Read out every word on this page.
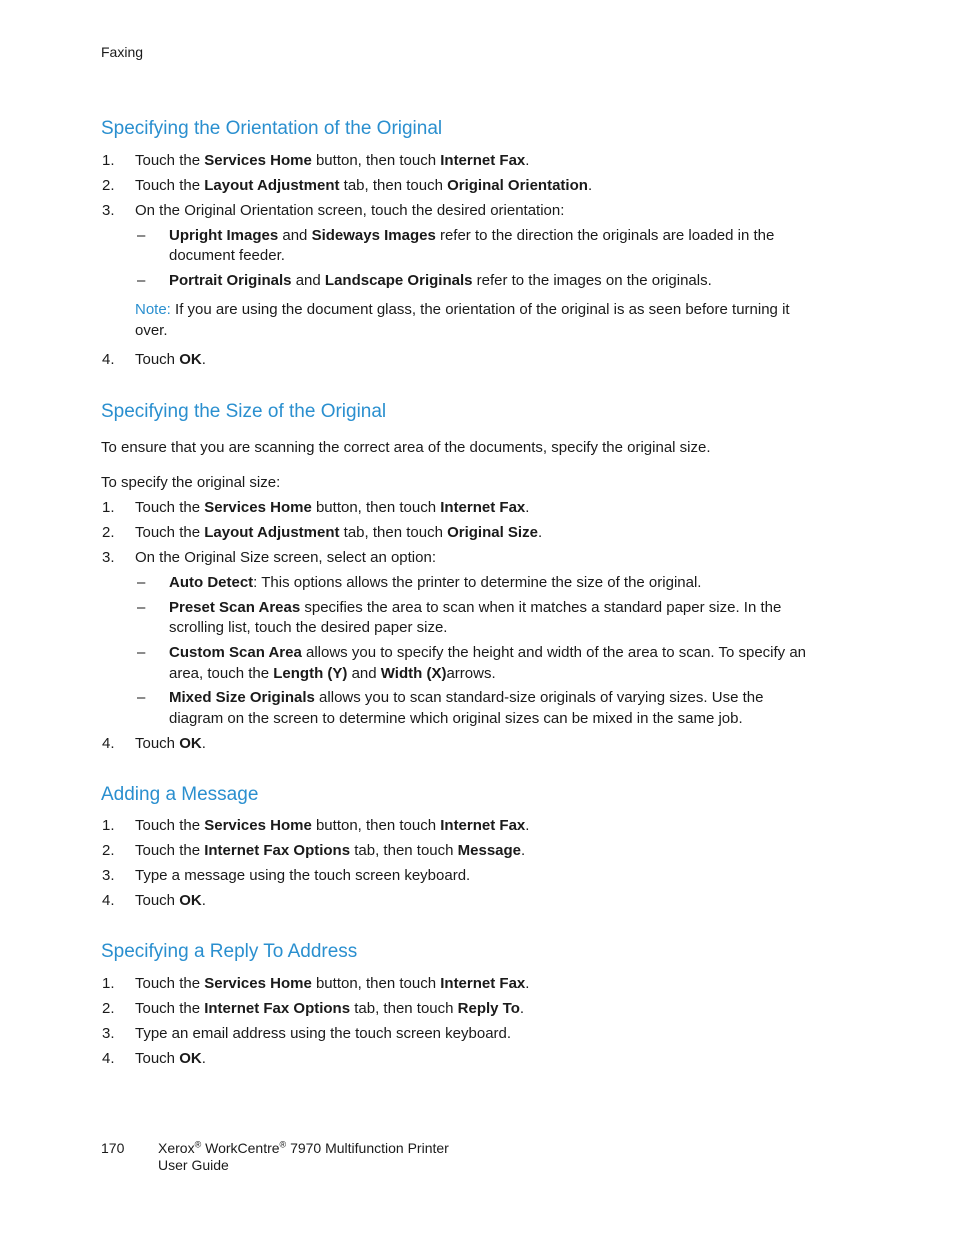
Faxing
Specifying the Orientation of the Original
1. Touch the Services Home button, then touch Internet Fax.
2. Touch the Layout Adjustment tab, then touch Original Orientation.
3. On the Original Orientation screen, touch the desired orientation:
– Upright Images and Sideways Images refer to the direction the originals are loaded in the
document feeder.
– Portrait Originals and Landscape Originals refer to the images on the originals.
Note: If you are using the document glass, the orientation of the original is as seen before turning it
over.
4. Touch OK.
Specifying the Size of the Original
To ensure that you are scanning the correct area of the documents, specify the original size.
To specify the original size:
1. Touch the Services Home button, then touch Internet Fax.
2. Touch the Layout Adjustment tab, then touch Original Size.
3. On the Original Size screen, select an option:
– Auto Detect: This options allows the printer to determine the size of the original.
– Preset Scan Areas specifies the area to scan when it matches a standard paper size. In the
scrolling list, touch the desired paper size.
– Custom Scan Area allows you to specify the height and width of the area to scan. To specify an
area, touch the Length (Y) and Width (X)arrows.
– Mixed Size Originals allows you to scan standard-size originals of varying sizes. Use the
diagram on the screen to determine which original sizes can be mixed in the same job.
4. Touch OK.
Adding a Message
1. Touch the Services Home button, then touch Internet Fax.
2. Touch the Internet Fax Options tab, then touch Message.
3. Type a message using the touch screen keyboard.
4. Touch OK.
Specifying a Reply To Address
1. Touch the Services Home button, then touch Internet Fax.
2. Touch the Internet Fax Options tab, then touch Reply To.
3. Type an email address using the touch screen keyboard.
4. Touch OK.
170 Xerox® WorkCentre® 7970 Multifunction Printer
User Guide
